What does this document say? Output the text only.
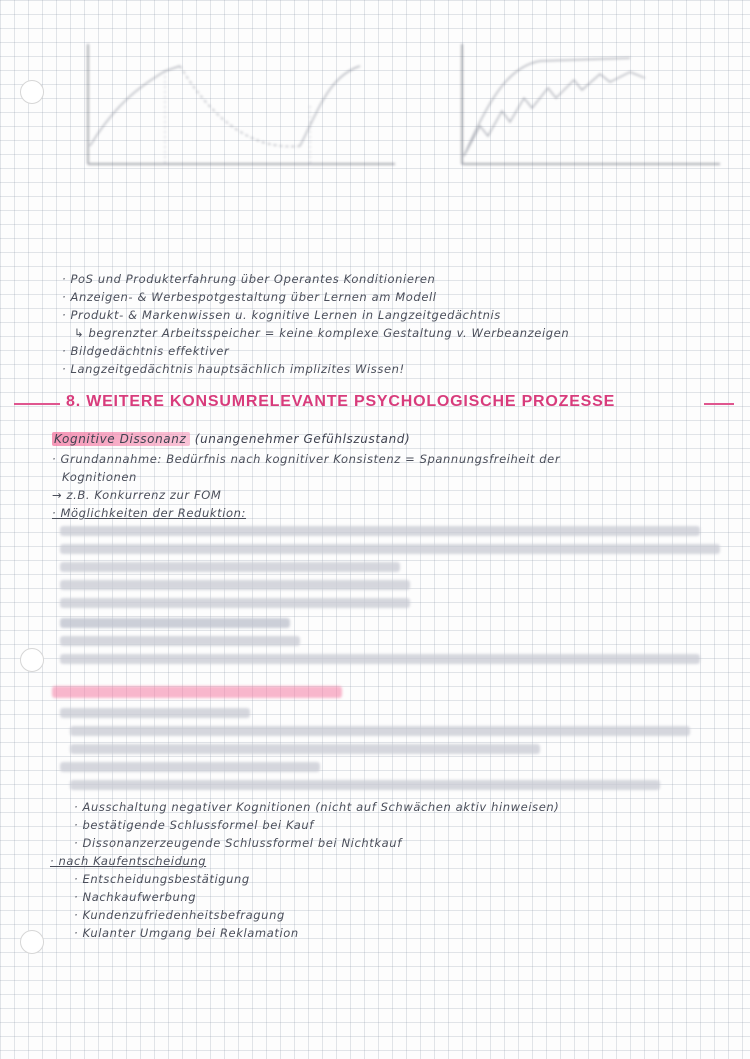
· PoS und Produkterfahrung über Operantes Konditionieren
· Anzeigen- & Werbespotgestaltung über Lernen am Modell
· Produkt- & Markenwissen u. kognitive Lernen in Langzeitgedächtnis
↳ begrenzter Arbeitsspeicher = keine komplexe Gestaltung v. Werbeanzeigen
· Bildgedächtnis effektiver
· Langzeitgedächtnis hauptsächlich implizites Wissen!
8. WEITERE KONSUMRELEVANTE PSYCHOLOGISCHE PROZESSE
Kognitive Dissonanz (unangenehmer Gefühlszustand)
· Grundannahme: Bedürfnis nach kognitiver Konsistenz = Spannungsfreiheit der
Kognitionen
→ z.B. Konkurrenz zur FOM
· Möglichkeiten der Reduktion:
· Ausschaltung negativer Kognitionen (nicht auf Schwächen aktiv hinweisen)
· bestätigende Schlussformel bei Kauf
· Dissonanzerzeugende Schlussformel bei Nichtkauf
· nach Kaufentscheidung
· Entscheidungsbestätigung
· Nachkaufwerbung
· Kundenzufriedenheitsbefragung
· Kulanter Umgang bei Reklamation
